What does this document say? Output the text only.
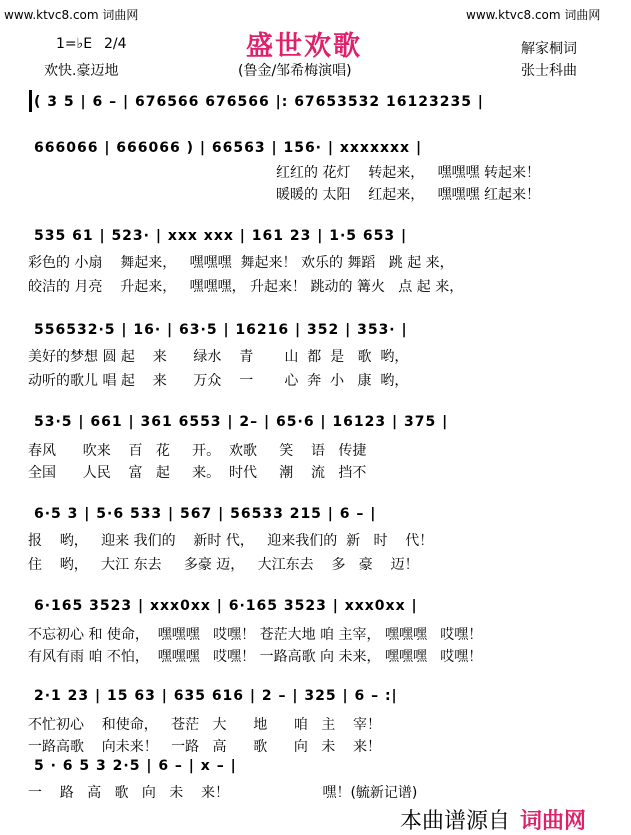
www.ktvc8.com 词曲网	www.ktvc8.com 词曲网
盛世欢歌
1=♭E 2/4
欢快.豪迈地	(鲁金/邹希梅演唱)
解家桐词
张士科曲
( 3 5 | 6 – | 676566 676566 |: 67653532 16123235 |
666066 | 666066 ) | 66563 | 156· | xxxxxxx |
红红的 花灯    转起来，   嘿嘿嘿 转起来！
暖暖的 太阳    红起来，   嘿嘿嘿 红起来！
535 61 | 523· | xxx xxx | 161 23 | 1·5 653 |
彩色的 小扇    舞起来，   嘿嘿嘿  舞起来！ 欢乐的 舞蹈   跳 起 来，
皎洁的 月亮    升起来，   嘿嘿嘿， 升起来！ 跳动的 篝火   点 起 来，
556532·5 | 16· | 63·5 | 16216 | 352 | 353· |
美好的梦想 圆 起    来      绿水    青       山  都  是   歌  哟，
动听的歌儿 唱 起    来      万众    一       心  奔  小   康  哟，
53·5 | 661 | 361 6553 | 2– | 65·6 | 16123 | 375 |
春风      吹来    百   花     开。  欢歌     笑    语   传捷
全国      人民    富   起     来。  时代     潮    流   挡不
6·5 3 | 5·6 533 | 567 | 56533 215 | 6 – |
报    哟，   迎来 我们的    新时 代，   迎来我们的  新   时    代！
住    哟，   大江 东去     多豪 迈，   大江东去    多   豪    迈！
6·165 3523 | xxx0xx | 6·165 3523 | xxx0xx |
不忘初心 和 使命，  嘿嘿嘿   哎嘿！ 苍茫大地 咱 主宰， 嘿嘿嘿   哎嘿！
有风有雨 咱 不怕，  嘿嘿嘿   哎嘿！ 一路高歌 向 未来， 嘿嘿嘿   哎嘿！
2·1 23 | 15 63 | 635 616 | 2 – | 325 | 6 – :|
不忙初心    和使命，   苍茫   大      地      咱   主    宰！
一路高歌    向未来！   一路   高      歌      向   未    来！
5 · 6 5 3 2·5 | 6 – | x – |
一    路   高   歌   向   未    来！                     嘿！(毓新记谱)
本曲谱源自 词曲网
